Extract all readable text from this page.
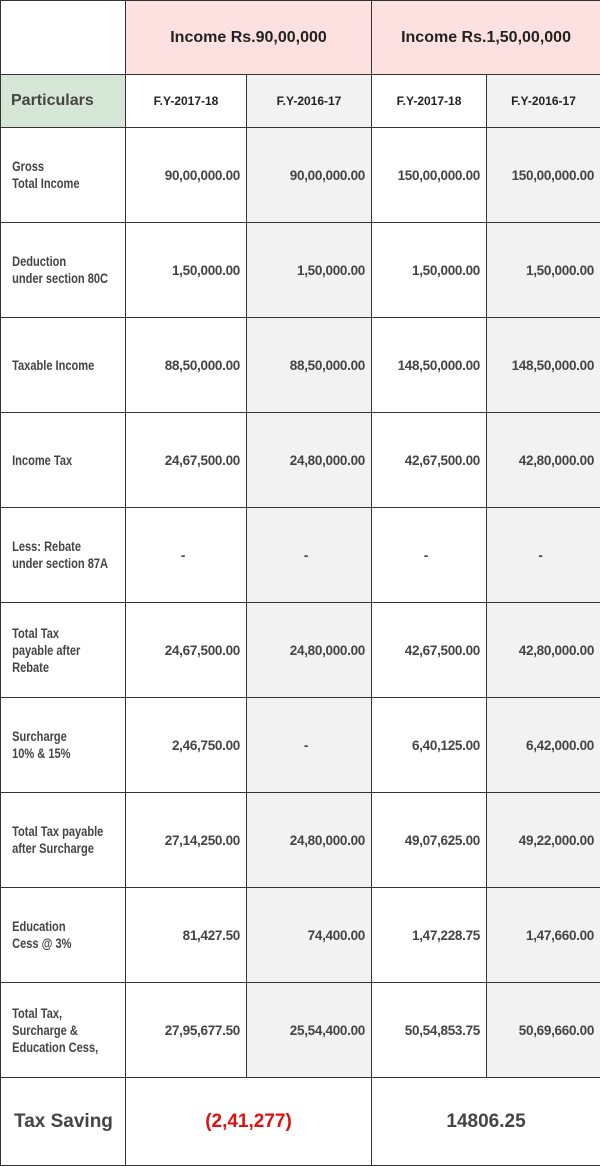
	Income Rs.90,00,000		Income Rs.1,50,00,000	
Particulars	F.Y-2017-18	F.Y-2016-17	F.Y-2017-18	F.Y-2016-17

Gross
Total Income	90,00,000.00	90,00,000.00	150,00,000.00	150,00,000.00

Deduction
under section 80C	1,50,000.00	1,50,000.00	1,50,000.00	1,50,000.00

Taxable Income	88,50,000.00	88,50,000.00	148,50,000.00	148,50,000.00

Income Tax	24,67,500.00	24,80,000.00	42,67,500.00	42,80,000.00

Less: Rebate
under section 87A	-	-	-	-

Total Tax
payable after
Rebate	24,67,500.00	24,80,000.00	42,67,500.00	42,80,000.00

Surcharge
10% & 15%	2,46,750.00	-	6,40,125.00	6,42,000.00

Total Tax payable
after Surcharge	27,14,250.00	24,80,000.00	49,07,625.00	49,22,000.00

Education
Cess @ 3%	81,427.50	74,400.00	1,47,228.75	1,47,660.00

Total Tax,
Surcharge &
Education Cess,	27,95,677.50	25,54,400.00	50,54,853.75	50,69,660.00
Tax Saving	(2,41,277)		14806.25	
